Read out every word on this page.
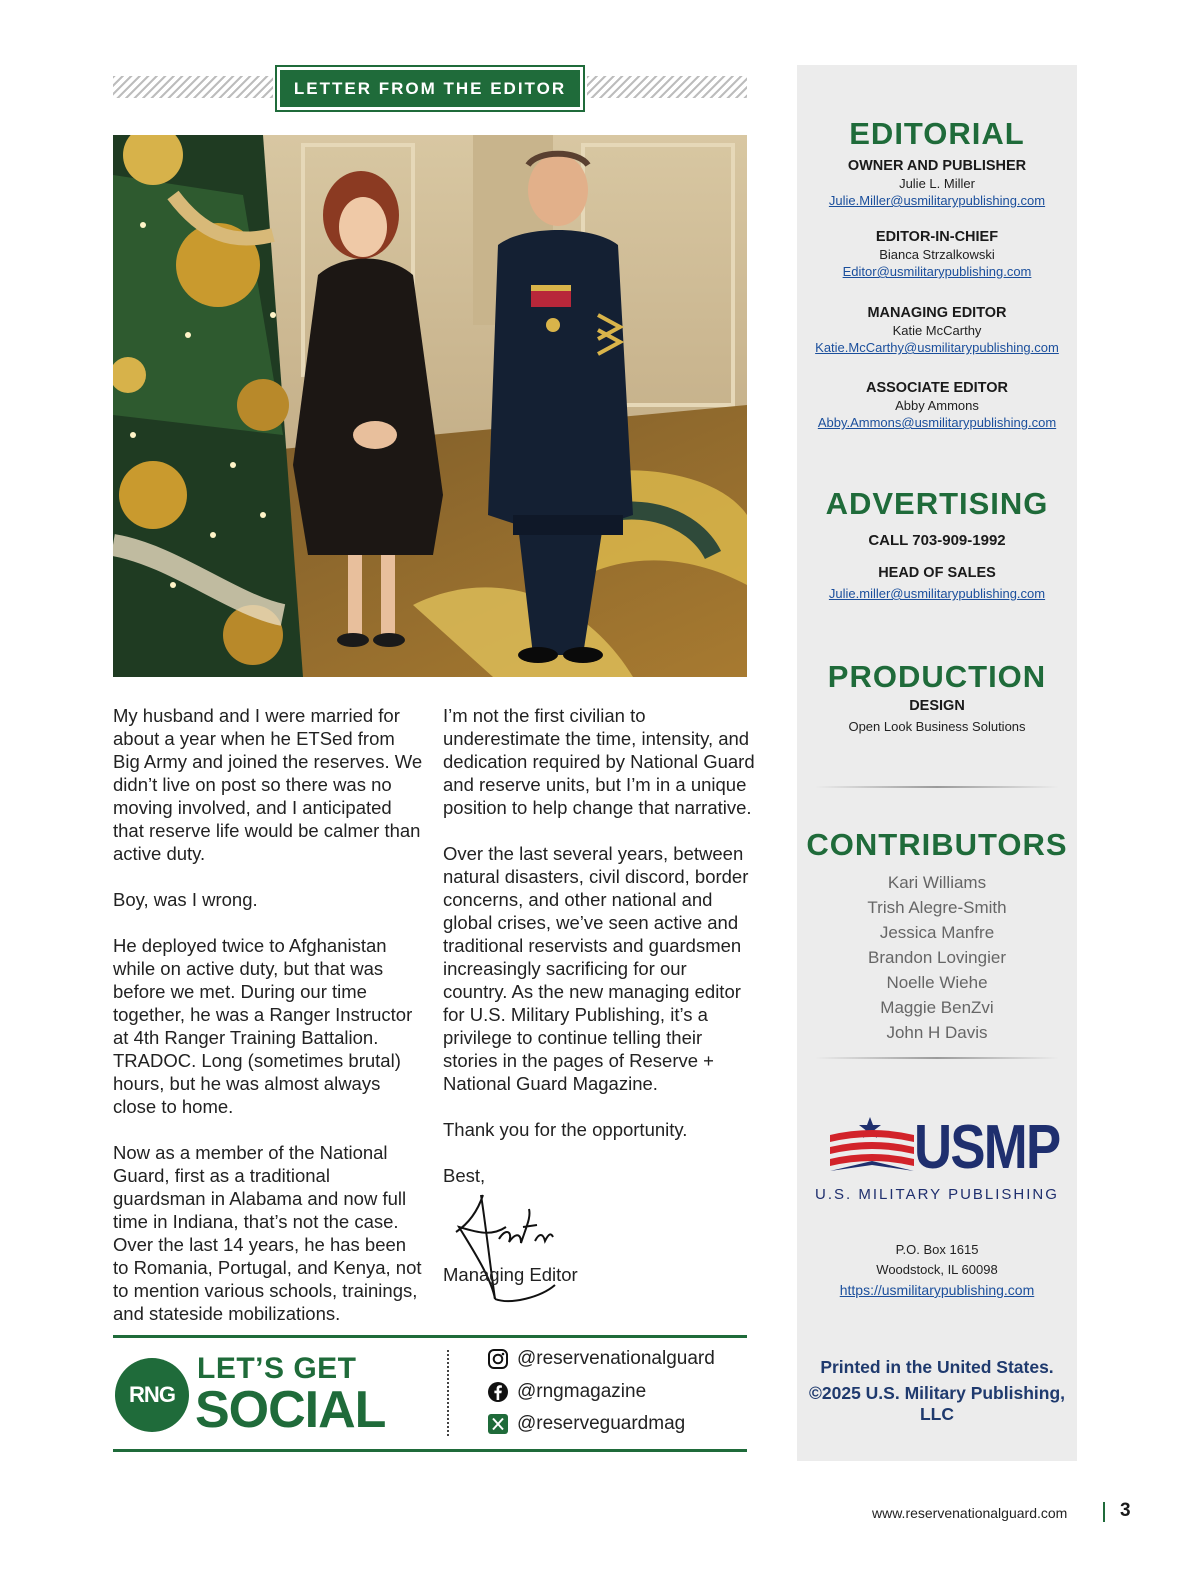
LETTER FROM THE EDITOR

My husband and I were married for about a year when he ETSed from Big Army and joined the reserves. We didn’t live on post so there was no moving involved, and I anticipated that reserve life would be calmer than active duty.

Boy, was I wrong.

He deployed twice to Afghanistan while on active duty, but that was before we met. During our time together, he was a Ranger Instructor at 4th Ranger Training Battalion. TRADOC. Long (sometimes brutal) hours, but he was almost always close to home.

Now as a member of the National Guard, first as a traditional guardsman in Alabama and now full time in Indiana, that’s not the case. Over the last 14 years, he has been to Romania, Portugal, and Kenya, not to mention various schools, trainings, and stateside mobilizations.

I’m not the first civilian to underestimate the time, intensity, and dedication required by National Guard and reserve units, but I’m in a unique position to help change that narrative.

Over the last several years, between natural disasters, civil discord, border concerns, and other national and global crises, we’ve seen active and traditional reservists and guardsmen increasingly sacrificing for our country. As the new managing editor for U.S. Military Publishing, it’s a privilege to continue telling their stories in the pages of Reserve + National Guard Magazine.

Thank you for the opportunity.

Best,

Managing Editor
RNG
LET’S GET
SOCIAL
@reservenationalguard
@rngmagazine
@reserveguardmag
EDITORIAL
OWNER AND PUBLISHER
Julie L. Miller
Julie.Miller@usmilitarypublishing.com
EDITOR-IN-CHIEF
Bianca Strzalkowski
Editor@usmilitarypublishing.com
MANAGING EDITOR
Katie McCarthy
Katie.McCarthy@usmilitarypublishing.com
ASSOCIATE EDITOR
Abby Ammons
Abby.Ammons@usmilitarypublishing.com
ADVERTISING
CALL 703-909-1992
HEAD OF SALES
Julie.miller@usmilitarypublishing.com
PRODUCTION
DESIGN
Open Look Business Solutions
CONTRIBUTORS
Kari Williams
Trish Alegre-Smith
Jessica Manfre
Brandon Lovingier
Noelle Wiehe
Maggie BenZvi
John H Davis
USMP
U.S. MILITARY PUBLISHING
P.O. Box 1615
Woodstock, IL 60098
https://usmilitarypublishing.com
Printed in the United States.
©2025 U.S. Military Publishing, LLC
www.reservenationalguard.com	3
